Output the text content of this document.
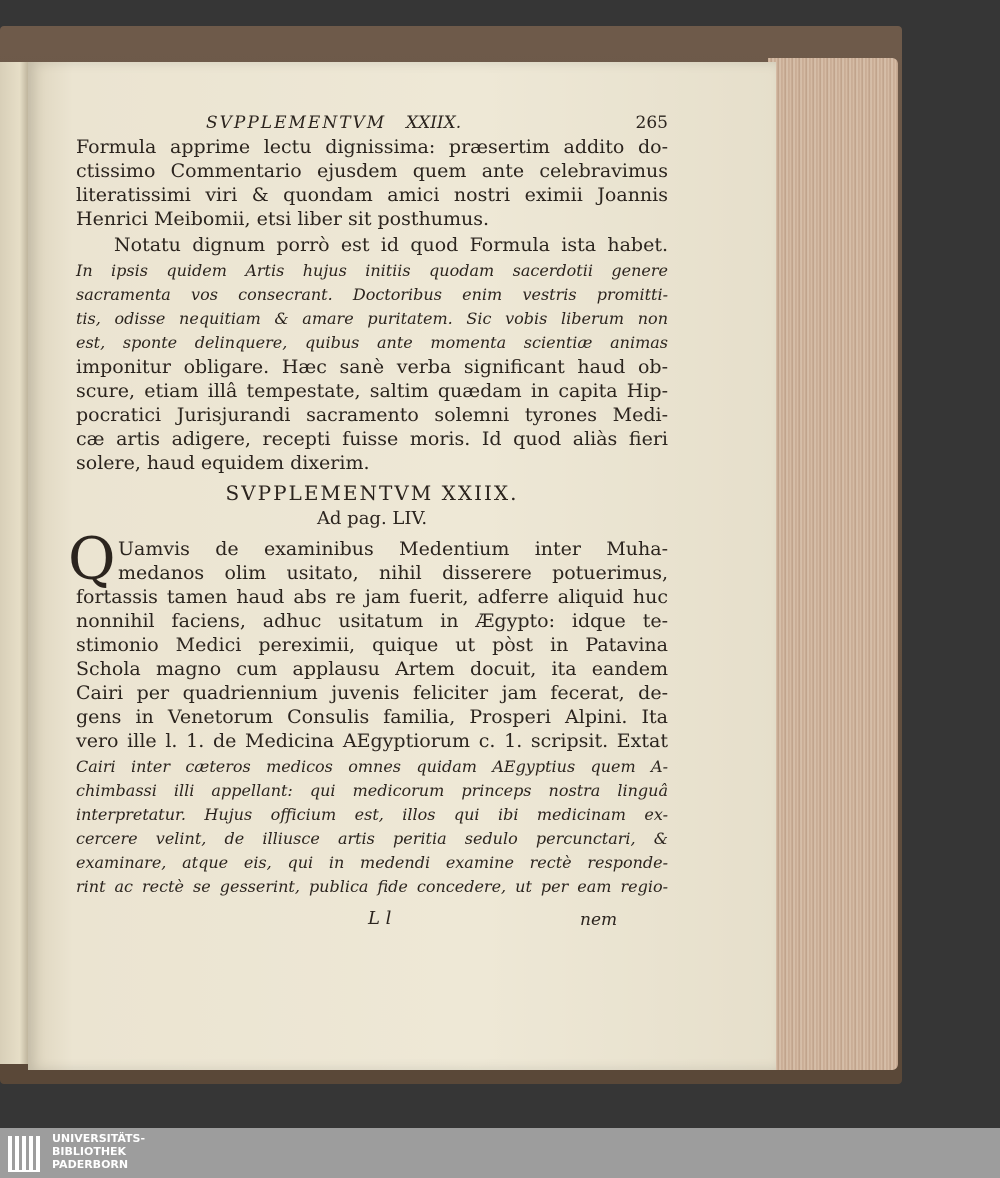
SVPPLEMENTVM XXIIX.	265
Formula apprime lectu dignissima: præsertim addito do-
ctissimo Commentario ejusdem quem ante celebravimus
literatissimi viri & quondam amici nostri eximii Joannis
Henrici Meibomii, etsi liber sit posthumus.
Notatu dignum porrò est id quod Formula ista habet.
In ipsis quidem Artis hujus initiis quodam sacerdotii genere
sacramenta vos consecrant. Doctoribus enim vestris promitti-
tis, odisse nequitiam & amare puritatem. Sic vobis liberum non
est, sponte delinquere, quibus ante momenta scientiæ animas
imponitur obligare. Hæc sanè verba significant haud ob-
scure, etiam illâ tempestate, saltim quædam in capita Hip-
pocratici Jurisjurandi sacramento solemni tyrones Medi-
cæ artis adigere, recepti fuisse moris. Id quod aliàs fieri
solere, haud equidem dixerim.
SVPPLEMENTVM XXIIX.
Ad pag. LIV.
Q Uamvis de examinibus Medentium inter Muha-
medanos olim usitato, nihil disserere potuerimus,
fortassis tamen haud abs re jam fuerit, adferre aliquid huc
nonnihil faciens, adhuc usitatum in Ægypto: idque te-
stimonio Medici pereximii, quique ut pòst in Patavina
Schola magno cum applausu Artem docuit, ita eandem
Cairi per quadriennium juvenis feliciter jam fecerat, de-
gens in Venetorum Consulis familia, Prosperi Alpini. Ita
vero ille l. 1. de Medicina AEgyptiorum c. 1. scripsit. Extat
Cairi inter cæteros medicos omnes quidam AEgyptius quem A-
chimbassi illi appellant: qui medicorum princeps nostra linguâ
interpretatur. Hujus officium est, illos qui ibi medicinam ex-
cercere velint, de illiusce artis peritia sedulo percunctari, &
examinare, atque eis, qui in medendi examine rectè responde-
rint ac rectè se gesserint, publica fide concedere, ut per eam regio-
L l	nem
UNIVERSITÄTS-
BIBLIOTHEK
PADERBORN
